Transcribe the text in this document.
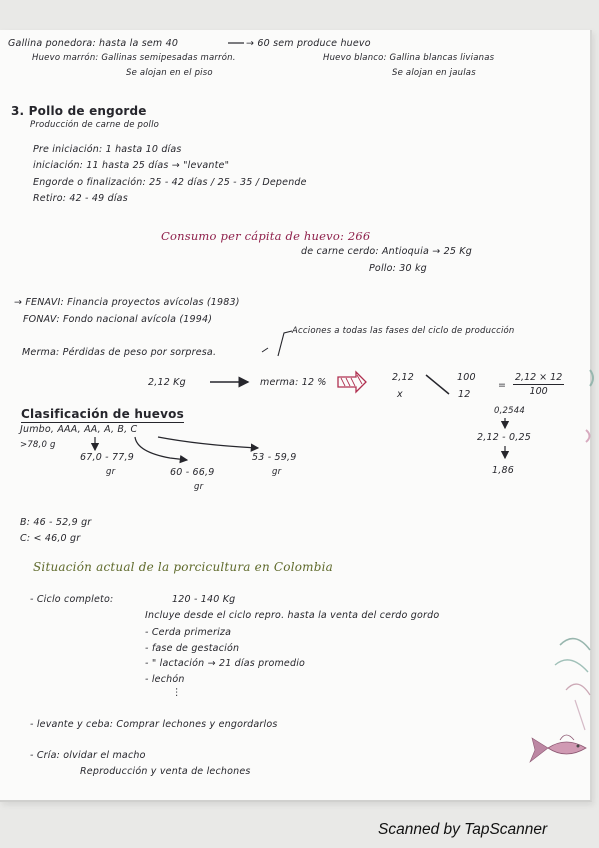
Gallina ponedora: hasta la sem 40	→ 60 sem produce huevo
Huevo marrón: Gallinas semipesadas marrón.
Se alojan en el piso
Huevo blanco: Gallina blancas livianas
Se alojan en jaulas
3. Pollo de engorde
Producción de carne de pollo
Pre iniciación: 1 hasta 10 días
iniciación: 11 hasta 25 días → "levante"
Engorde o finalización: 25 - 42 días / 25 - 35 / Depende
Retiro: 42 - 49 días
Consumo per cápita de huevo: 266
de carne cerdo: Antioquia → 25 Kg
Pollo: 30 kg
→ FENAVI: Financia proyectos avícolas (1983)
FONAV: Fondo nacional avícola (1994)
Acciones a todas las fases del ciclo de producción
Merma: Pérdidas de peso por sorpresa.
2,12 Kg	merma: 12 %	2,12
x
100
12
= $\frac{2,12 \times 12}{100}$
0,2544
2,12 - 0,25
1,86
Clasificación de huevos
Jumbo, AAA, AA, A, B, C
>78,0 g
67,0 - 77,9
gr	60 - 66,9
gr
53 - 59,9
gr
B: 46 - 52,9 gr
C: < 46,0 gr
Situación actual de la porcicultura en Colombia
- Ciclo completo:	120 - 140 Kg
Incluye desde el ciclo repro. hasta la venta del cerdo gordo
- Cerda primeriza
- fase de gestación
- " lactación → 21 días promedio
- lechón
⋮
- levante y ceba: Comprar lechones y engordarlos
- Cría: olvidar el macho
Reproducción y venta de lechones
Scanned by TapScanner
